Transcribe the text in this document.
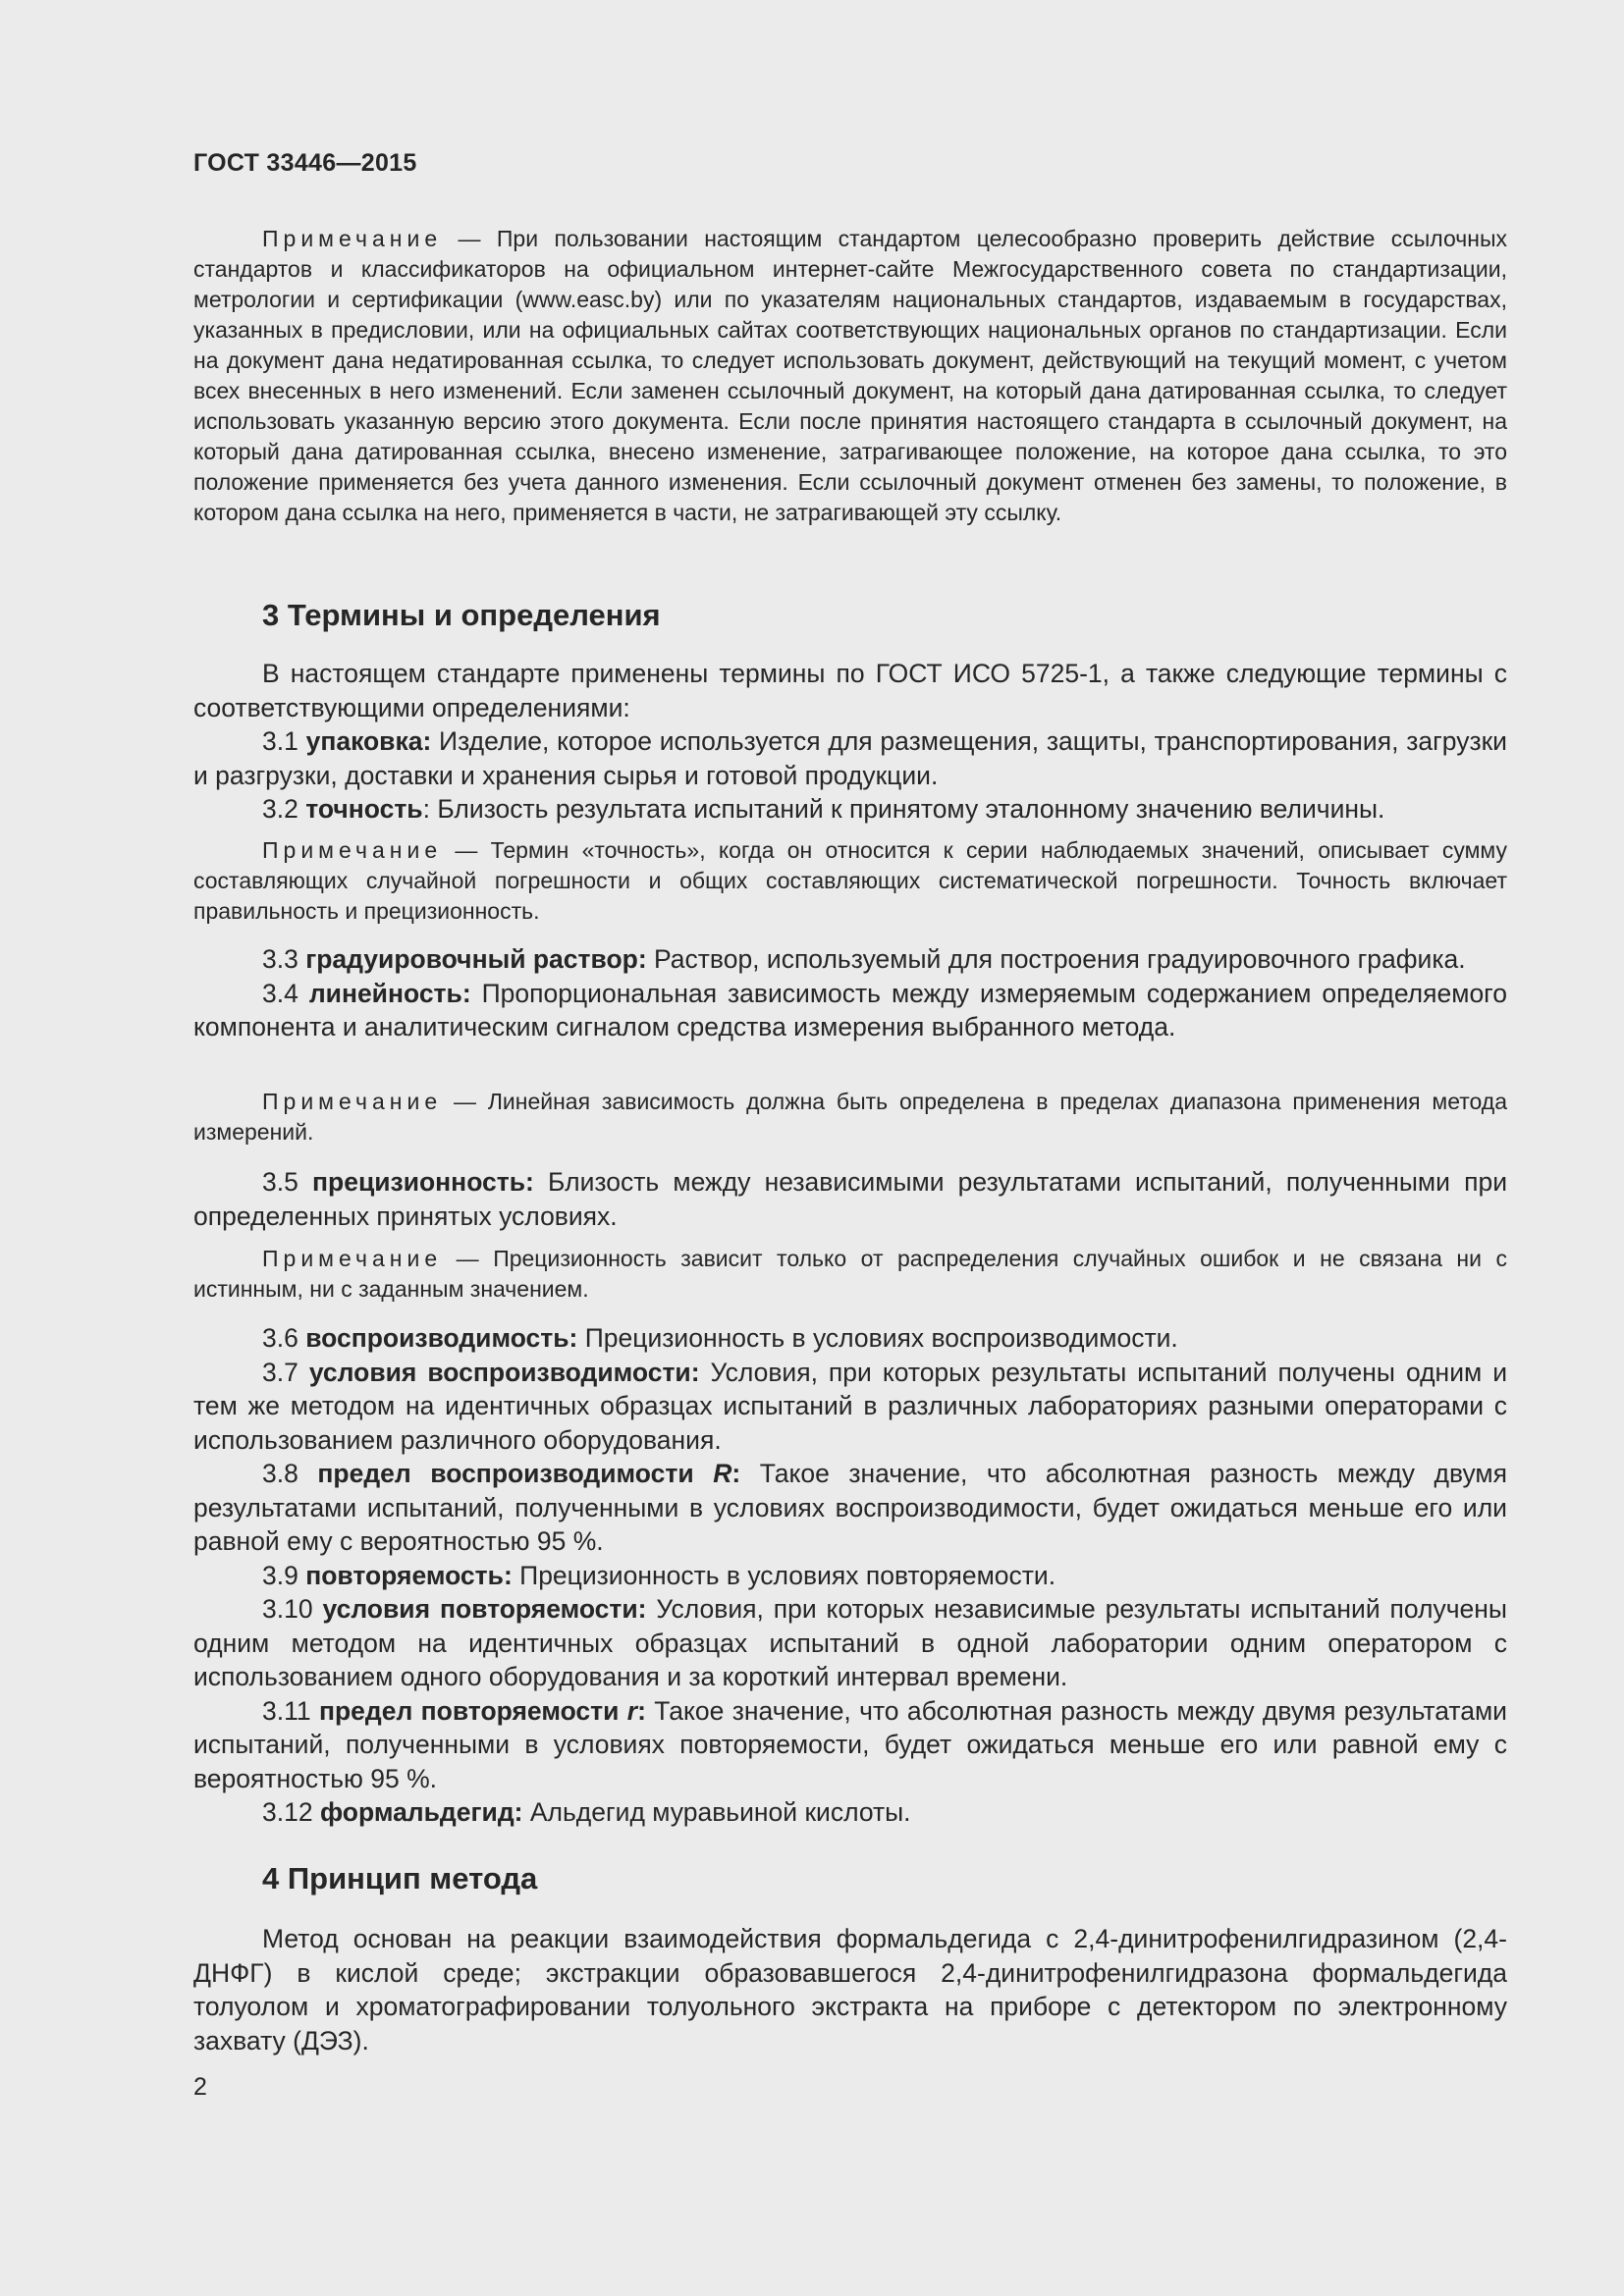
ГОСТ 33446—2015

Примечание — При пользовании настоящим стандартом целесообразно проверить действие ссылочных стандартов и классификаторов на официальном интернет-сайте Межгосударственного совета по стандартизации, метрологии и сертификации (www.easc.by) или по указателям национальных стандартов, издаваемым в государствах, указанных в предисловии, или на официальных сайтах соответствующих национальных органов по стандартизации. Если на документ дана недатированная ссылка, то следует использовать документ, действующий на текущий момент, с учетом всех внесенных в него изменений. Если заменен ссылочный документ, на который дана датированная ссылка, то следует использовать указанную версию этого документа. Если после принятия настоящего стандарта в ссылочный документ, на который дана датированная ссылка, внесено изменение, затрагивающее положение, на которое дана ссылка, то это положение применяется без учета данного изменения. Если ссылочный документ отменен без замены, то положение, в котором дана ссылка на него, применяется в части, не затрагивающей эту ссылку.

3 Термины и определения

В настоящем стандарте применены термины по ГОСТ ИСО 5725-1, а также следующие термины с соответствующими определениями:

3.1 упаковка: Изделие, которое используется для размещения, защиты, транспортирования, загрузки и разгрузки, доставки и хранения сырья и готовой продукции.

3.2 точность: Близость результата испытаний к принятому эталонному значению величины.

Примечание — Термин «точность», когда он относится к серии наблюдаемых значений, описывает сумму составляющих случайной погрешности и общих составляющих систематической погрешности. Точность включает правильность и прецизионность.

3.3 градуировочный раствор: Раствор, используемый для построения градуировочного графика.

3.4 линейность: Пропорциональная зависимость между измеряемым содержанием определяемого компонента и аналитическим сигналом средства измерения выбранного метода.

Примечание — Линейная зависимость должна быть определена в пределах диапазона применения метода измерений.

3.5 прецизионность: Близость между независимыми результатами испытаний, полученными при определенных принятых условиях.

Примечание — Прецизионность зависит только от распределения случайных ошибок и не связана ни с истинным, ни с заданным значением.

3.6 воспроизводимость: Прецизионность в условиях воспроизводимости.

3.7 условия воспроизводимости: Условия, при которых результаты испытаний получены одним и тем же методом на идентичных образцах испытаний в различных лабораториях разными операторами с использованием различного оборудования.

3.8 предел воспроизводимости R: Такое значение, что абсолютная разность между двумя результатами испытаний, полученными в условиях воспроизводимости, будет ожидаться меньше его или равной ему с вероятностью 95 %.

3.9 повторяемость: Прецизионность в условиях повторяемости.

3.10 условия повторяемости: Условия, при которых независимые результаты испытаний получены одним методом на идентичных образцах испытаний в одной лаборатории одним оператором с использованием одного оборудования и за короткий интервал времени.

3.11 предел повторяемости r: Такое значение, что абсолютная разность между двумя результатами испытаний, полученными в условиях повторяемости, будет ожидаться меньше его или равной ему с вероятностью 95 %.

3.12 формальдегид: Альдегид муравьиной кислоты.

4 Принцип метода

Метод основан на реакции взаимодействия формальдегида с 2,4-динитрофенилгидразином (2,4-ДНФГ) в кислой среде; экстракции образовавшегося 2,4-динитрофенилгидразона формальдегида толуолом и хроматографировании толуольного экстракта на приборе с детектором по электронному захвату (ДЭЗ).

2
